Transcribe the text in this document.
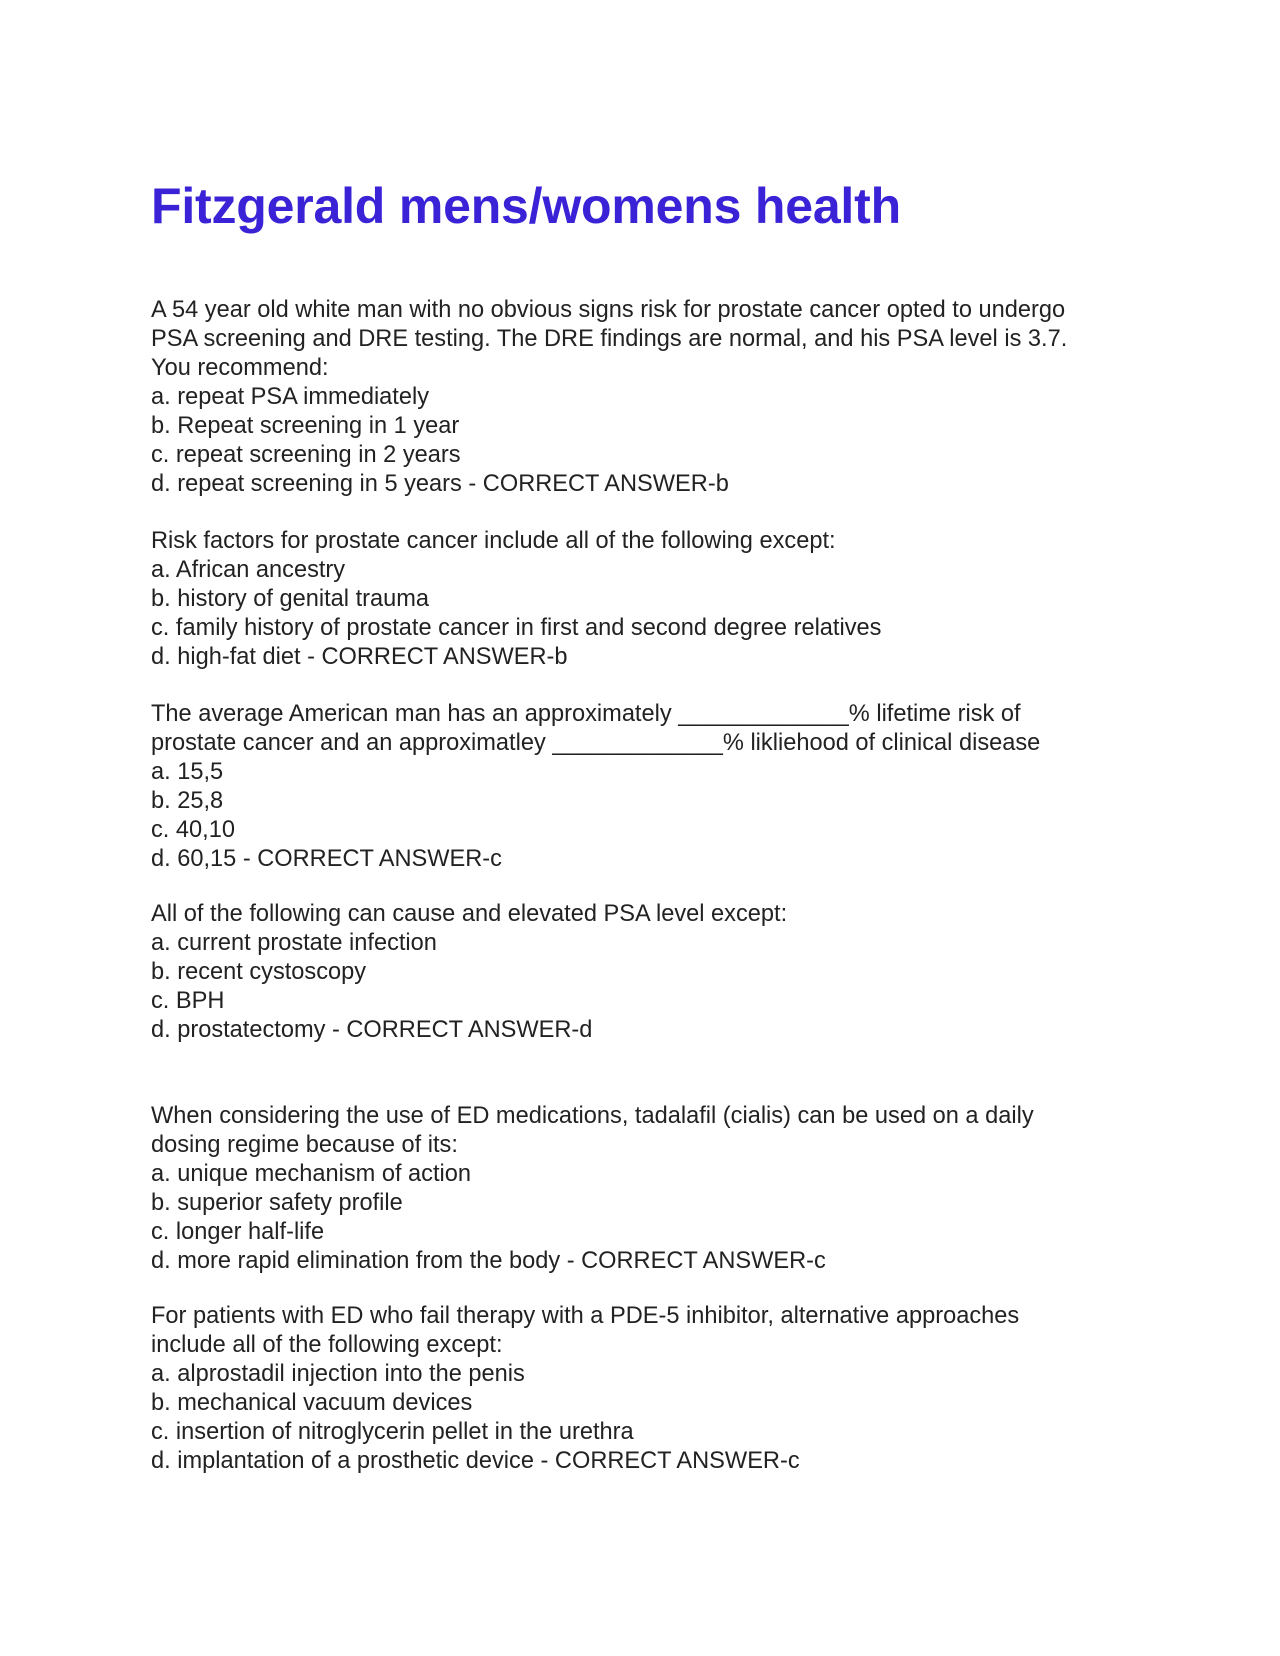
Fitzgerald mens/womens health
A 54 year old white man with no obvious signs risk for prostate cancer opted to undergo
PSA screening and DRE testing. The DRE findings are normal, and his PSA level is 3.7.
You recommend:
a. repeat PSA immediately
b. Repeat screening in 1 year
c. repeat screening in 2 years
d. repeat screening in 5 years - CORRECT ANSWER-b
Risk factors for prostate cancer include all of the following except:
a. African ancestry
b. history of genital trauma
c. family history of prostate cancer in first and second degree relatives
d. high-fat diet - CORRECT ANSWER-b
The average American man has an approximately _____________% lifetime risk of
prostate cancer and an approximatley _____________% likliehood of clinical disease
a. 15,5
b. 25,8
c. 40,10
d. 60,15 - CORRECT ANSWER-c
All of the following can cause and elevated PSA level except:
a. current prostate infection
b. recent cystoscopy
c. BPH
d. prostatectomy - CORRECT ANSWER-d
When considering the use of ED medications, tadalafil (cialis) can be used on a daily
dosing regime because of its:
a. unique mechanism of action
b. superior safety profile
c. longer half-life
d. more rapid elimination from the body - CORRECT ANSWER-c
For patients with ED who fail therapy with a PDE-5 inhibitor, alternative approaches
include all of the following except:
a. alprostadil injection into the penis
b. mechanical vacuum devices
c. insertion of nitroglycerin pellet in the urethra
d. implantation of a prosthetic device - CORRECT ANSWER-c
